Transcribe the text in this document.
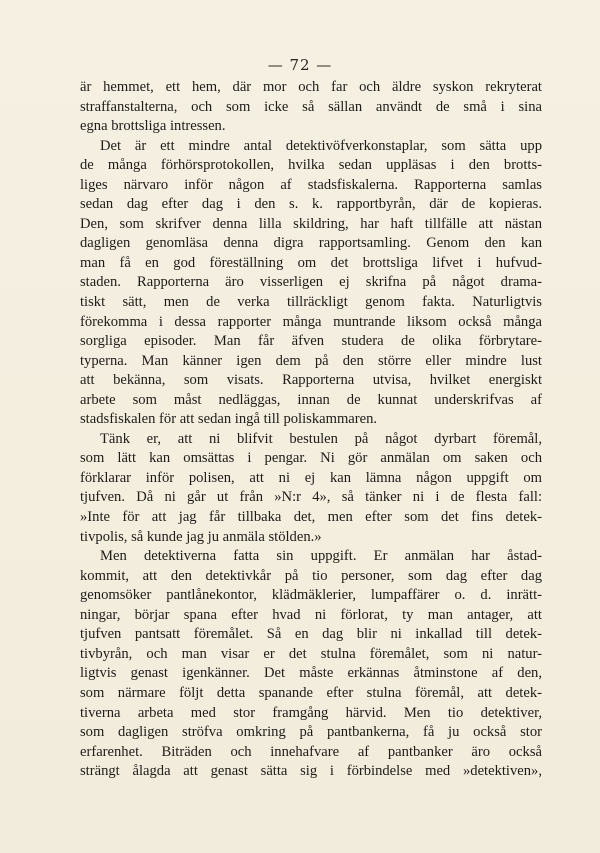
— 72 —
är hemmet, ett hem, där mor och far och äldre syskon rekryterat
straffanstalterna, och som icke så sällan användt de små i sina
egna brottsliga intressen.
Det är ett mindre antal detektivöfverkonstaplar, som sätta upp
de många förhörsprotokollen, hvilka sedan uppläsas i den brotts-
liges närvaro inför någon af stadsfiskalerna. Rapporterna samlas
sedan dag efter dag i den s. k. rapportbyrån, där de kopieras.
Den, som skrifver denna lilla skildring, har haft tillfälle att nästan
dagligen genomläsa denna digra rapportsamling. Genom den kan
man få en god föreställning om det brottsliga lifvet i hufvud-
staden. Rapporterna äro visserligen ej skrifna på något drama-
tiskt sätt, men de verka tillräckligt genom fakta. Naturligtvis
förekomma i dessa rapporter många muntrande liksom också många
sorgliga episoder. Man får äfven studera de olika förbrytare-
typerna. Man känner igen dem på den större eller mindre lust
att bekänna, som visats. Rapporterna utvisa, hvilket energiskt
arbete som måst nedläggas, innan de kunnat underskrifvas af
stadsfiskalen för att sedan ingå till poliskammaren.
Tänk er, att ni blifvit bestulen på något dyrbart föremål,
som lätt kan omsättas i pengar. Ni gör anmälan om saken och
förklarar inför polisen, att ni ej kan lämna någon uppgift om
tjufven. Då ni går ut från »N:r 4», så tänker ni i de flesta fall:
»Inte för att jag får tillbaka det, men efter som det fins detek-
tivpolis, så kunde jag ju anmäla stölden.»
Men detektiverna fatta sin uppgift. Er anmälan har åstad-
kommit, att den detektivkår på tio personer, som dag efter dag
genomsöker pantlånekontor, klädmäklerier, lumpaffärer o. d. inrätt-
ningar, börjar spana efter hvad ni förlorat, ty man antager, att
tjufven pantsatt föremålet. Så en dag blir ni inkallad till detek-
tivbyrån, och man visar er det stulna föremålet, som ni natur-
ligtvis genast igenkänner. Det måste erkännas åtminstone af den,
som närmare följt detta spanande efter stulna föremål, att detek-
tiverna arbeta med stor framgång härvid. Men tio detektiver,
som dagligen ströfva omkring på pantbankerna, få ju också stor
erfarenhet. Biträden och innehafvare af pantbanker äro också
strängt ålagda att genast sätta sig i förbindelse med »detektiven»,
